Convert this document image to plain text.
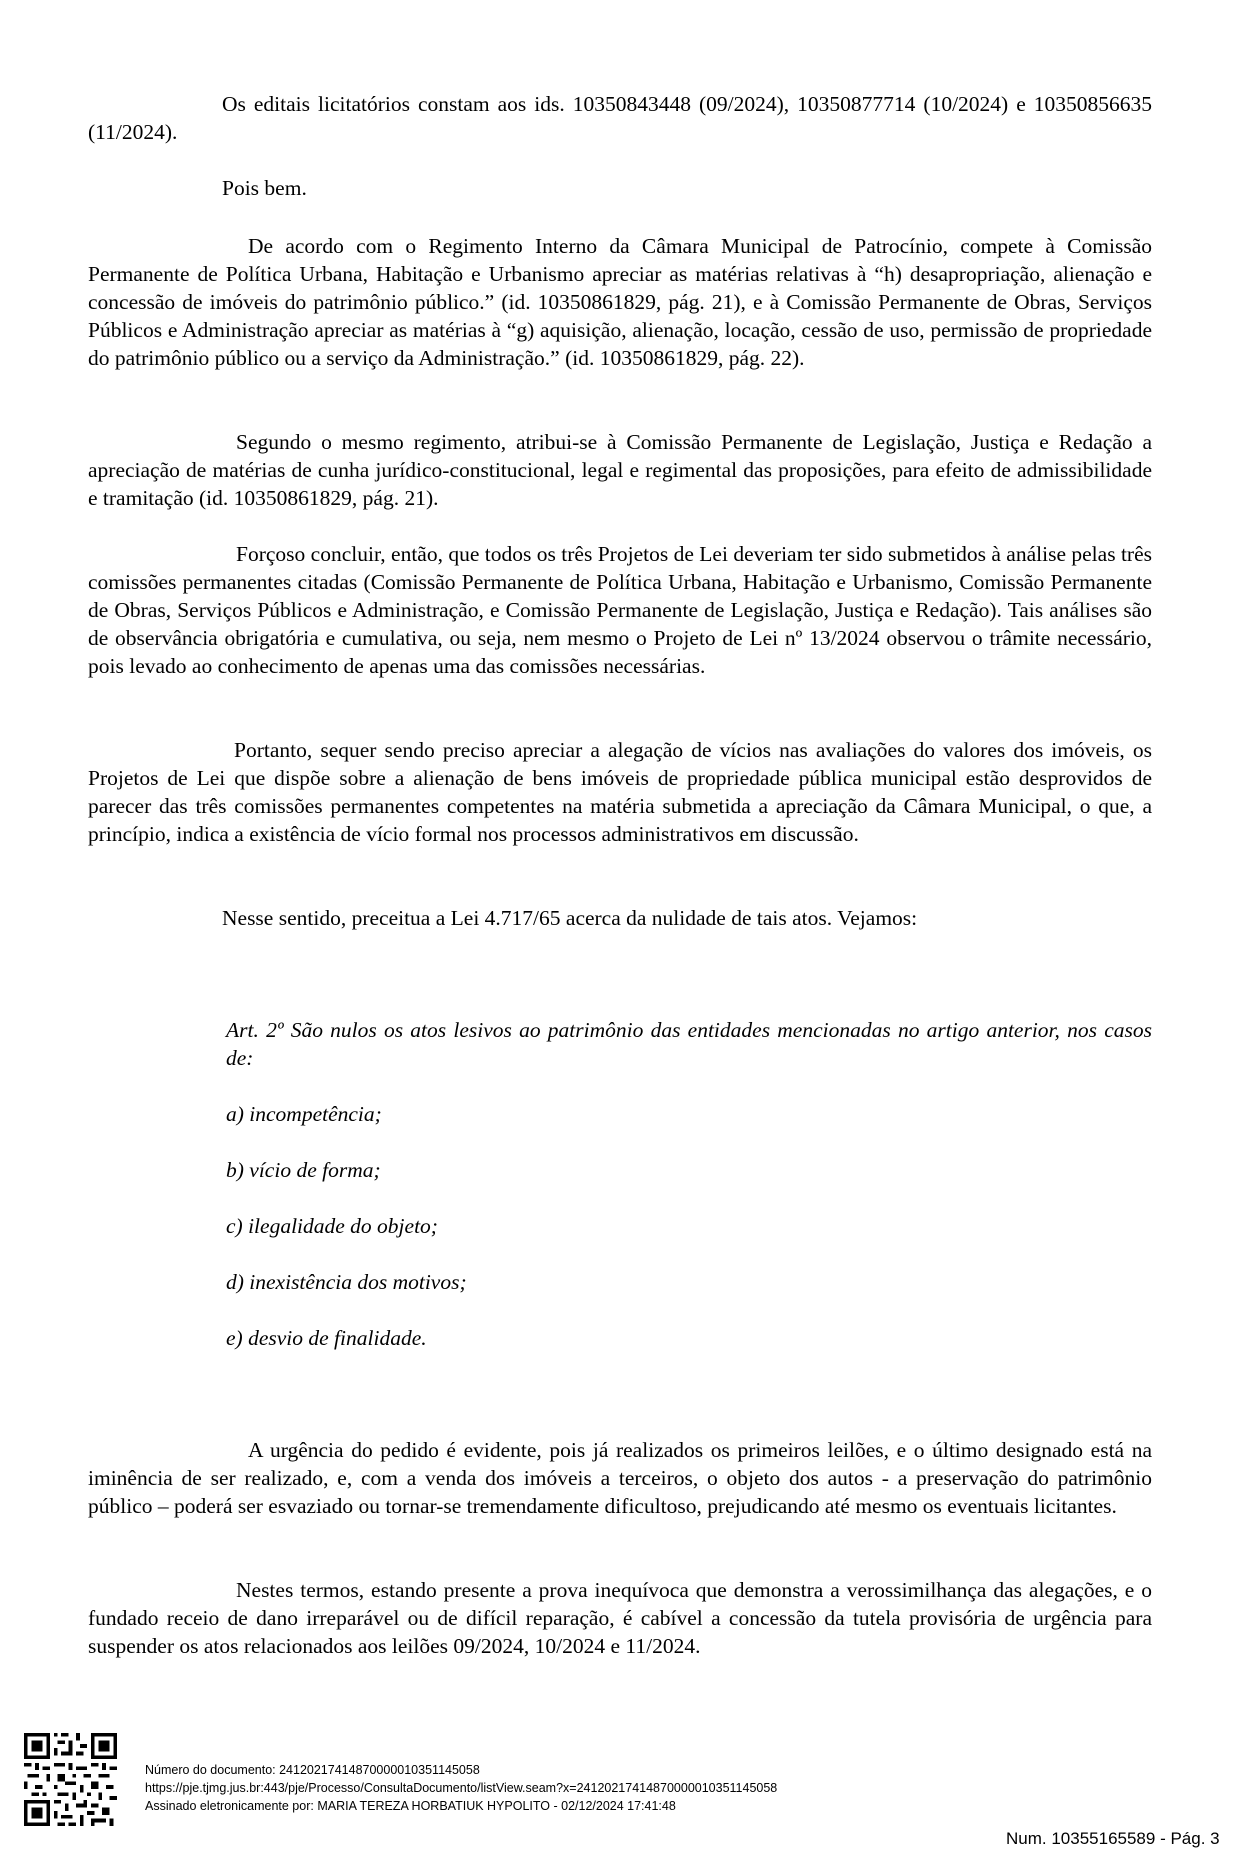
Os editais licitatórios constam aos ids. 10350843448 (09/2024), 10350877714 (10/2024) e 10350856635 (11/2024).

Pois bem.

De acordo com o Regimento Interno da Câmara Municipal de Patrocínio, compete à Comissão Permanente de Política Urbana, Habitação e Urbanismo apreciar as matérias relativas à “h) desapropriação, alienação e concessão de imóveis do patrimônio público.” (id. 10350861829, pág. 21), e à Comissão Permanente de Obras, Serviços Públicos e Administração apreciar as matérias à “g) aquisição, alienação, locação, cessão de uso, permissão de propriedade do patrimônio público ou a serviço da Administração.” (id. 10350861829, pág. 22).

Segundo o mesmo regimento, atribui-se à Comissão Permanente de Legislação, Justiça e Redação a apreciação de matérias de cunha jurídico-constitucional, legal e regimental das proposições, para efeito de admissibilidade e tramitação (id. 10350861829, pág. 21).

Forçoso concluir, então, que todos os três Projetos de Lei deveriam ter sido submetidos à análise pelas três comissões permanentes citadas (Comissão Permanente de Política Urbana, Habitação e Urbanismo, Comissão Permanente de Obras, Serviços Públicos e Administração, e Comissão Permanente de Legislação, Justiça e Redação). Tais análises são de observância obrigatória e cumulativa, ou seja, nem mesmo o Projeto de Lei nº 13/2024 observou o trâmite necessário, pois levado ao conhecimento de apenas uma das comissões necessárias.

Portanto, sequer sendo preciso apreciar a alegação de vícios nas avaliações do valores dos imóveis, os Projetos de Lei que dispõe sobre a alienação de bens imóveis de propriedade pública municipal estão desprovidos de parecer das três comissões permanentes competentes na matéria submetida a apreciação da Câmara Municipal, o que, a princípio, indica a existência de vício formal nos processos administrativos em discussão.

Nesse sentido, preceitua a Lei 4.717/65 acerca da nulidade de tais atos. Vejamos:

Art. 2º São nulos os atos lesivos ao patrimônio das entidades mencionadas no artigo anterior, nos casos de:

a) incompetência;

b) vício de forma;

c) ilegalidade do objeto;

d) inexistência dos motivos;

e) desvio de finalidade.

A urgência do pedido é evidente, pois já realizados os primeiros leilões, e o último designado está na iminência de ser realizado, e, com a venda dos imóveis a terceiros, o objeto dos autos - a preservação do patrimônio público – poderá ser esvaziado ou tornar-se tremendamente dificultoso, prejudicando até mesmo os eventuais licitantes.

Nestes termos, estando presente a prova inequívoca que demonstra a verossimilhança das alegações, e o fundado receio de dano irreparável ou de difícil reparação, é cabível a concessão da tutela provisória de urgência para suspender os atos relacionados aos leilões 09/2024, 10/2024 e 11/2024.

Número do documento: 24120217414870000010351145058
https://pje.tjmg.jus.br:443/pje/Processo/ConsultaDocumento/listView.seam?x=24120217414870000010351145058
Assinado eletronicamente por: MARIA TEREZA HORBATIUK HYPOLITO - 02/12/2024 17:41:48
Num. 10355165589 - Pág. 3
